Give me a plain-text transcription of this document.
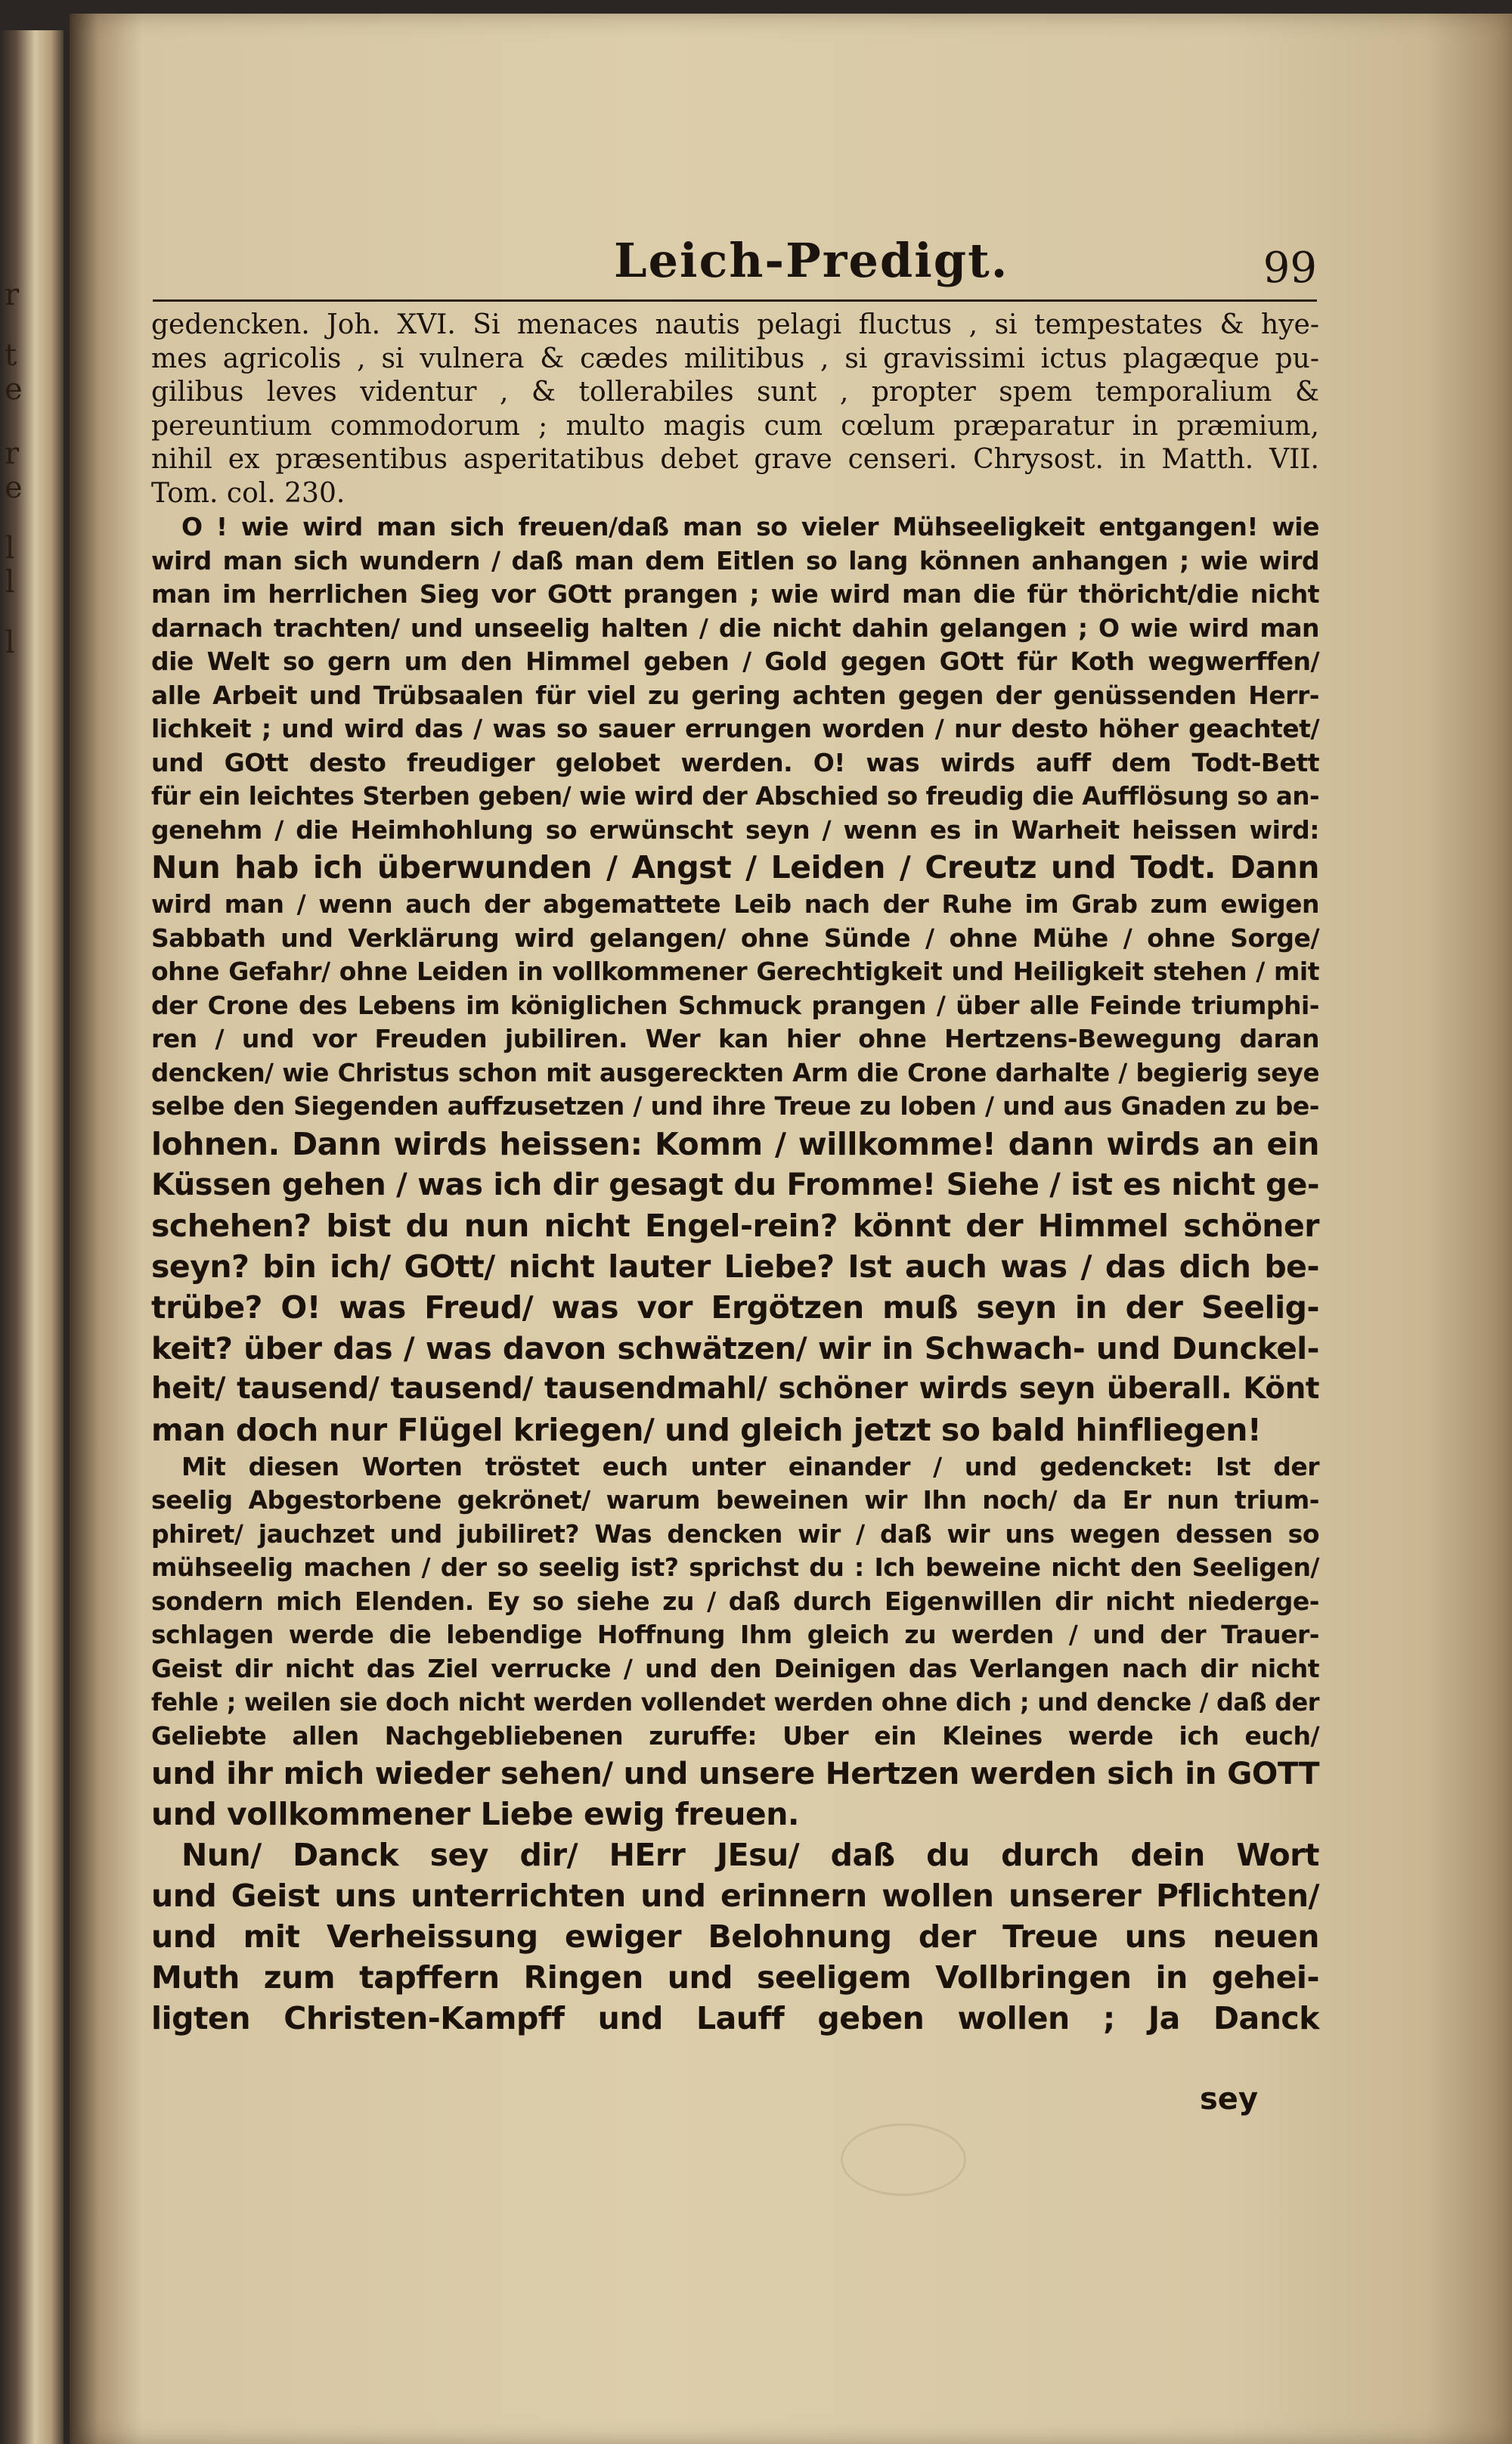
r
t
e
r
e
l
l
l
Leich-Predigt.	99
gedencken. Joh. XVI. Si menaces nautis pelagi fluctus , si tempestates & hye-
mes agricolis , si vulnera & cædes militibus , si gravissimi ictus plagæque pu-
gilibus leves videntur , & tollerabiles sunt , propter spem temporalium &
pereuntium commodorum ; multo magis cum cœlum præparatur in præmium,
nihil ex præsentibus asperitatibus debet grave censeri. Chrysost. in Matth. VII.
Tom. col. 230.
O ! wie wird man sich freuen/daß man so vieler Mühseeligkeit entgangen! wie
wird man sich wundern / daß man dem Eitlen so lang können anhangen ; wie wird
man im herrlichen Sieg vor GOtt prangen ; wie wird man die für thöricht/die nicht
darnach trachten/ und unseelig halten / die nicht dahin gelangen ; O wie wird man
die Welt so gern um den Himmel geben / Gold gegen GOtt für Koth wegwerffen/
alle Arbeit und Trübsaalen für viel zu gering achten gegen der genüssenden Herr-
lichkeit ; und wird das / was so sauer errungen worden / nur desto höher geachtet/
und GOtt desto freudiger gelobet werden. O! was wirds auff dem Todt-Bett
für ein leichtes Sterben geben/ wie wird der Abschied so freudig die Aufflösung so an-
genehm / die Heimhohlung so erwünscht seyn / wenn es in Warheit heissen wird:
Nun hab ich überwunden / Angst / Leiden / Creutz und Todt. Dann
wird man / wenn auch der abgemattete Leib nach der Ruhe im Grab zum ewigen
Sabbath und Verklärung wird gelangen/ ohne Sünde / ohne Mühe / ohne Sorge/
ohne Gefahr/ ohne Leiden in vollkommener Gerechtigkeit und Heiligkeit stehen / mit
der Crone des Lebens im königlichen Schmuck prangen / über alle Feinde triumphi-
ren / und vor Freuden jubiliren. Wer kan hier ohne Hertzens-Bewegung daran
dencken/ wie Christus schon mit ausgereckten Arm die Crone darhalte / begierig seye
selbe den Siegenden auffzusetzen / und ihre Treue zu loben / und aus Gnaden zu be-
lohnen. Dann wirds heissen: Komm / willkomme! dann wirds an ein
Küssen gehen / was ich dir gesagt du Fromme! Siehe / ist es nicht ge-
schehen? bist du nun nicht Engel-rein? könnt der Himmel schöner
seyn? bin ich/ GOtt/ nicht lauter Liebe? Ist auch was / das dich be-
trübe? O! was Freud/ was vor Ergötzen muß seyn in der Seelig-
keit? über das / was davon schwätzen/ wir in Schwach- und Dunckel-
heit/ tausend/ tausend/ tausendmahl/ schöner wirds seyn überall. Könt
man doch nur Flügel kriegen/ und gleich jetzt so bald hinfliegen!
Mit diesen Worten tröstet euch unter einander / und gedencket: Ist der
seelig Abgestorbene gekrönet/ warum beweinen wir Ihn noch/ da Er nun trium-
phiret/ jauchzet und jubiliret? Was dencken wir / daß wir uns wegen dessen so
mühseelig machen / der so seelig ist? sprichst du : Ich beweine nicht den Seeligen/
sondern mich Elenden. Ey so siehe zu / daß durch Eigenwillen dir nicht niederge-
schlagen werde die lebendige Hoffnung Ihm gleich zu werden / und der Trauer-
Geist dir nicht das Ziel verrucke / und den Deinigen das Verlangen nach dir nicht
fehle ; weilen sie doch nicht werden vollendet werden ohne dich ; und dencke / daß der
Geliebte allen Nachgebliebenen zuruffe: Uber ein Kleines werde ich euch/
und ihr mich wieder sehen/ und unsere Hertzen werden sich in GOTT
und vollkommener Liebe ewig freuen.
Nun/ Danck sey dir/ HErr JEsu/ daß du durch dein Wort
und Geist uns unterrichten und erinnern wollen unserer Pflichten/
und mit Verheissung ewiger Belohnung der Treue uns neuen
Muth zum tapffern Ringen und seeligem Vollbringen in gehei-
ligten Christen-Kampff und Lauff geben wollen ; Ja Danck
sey
